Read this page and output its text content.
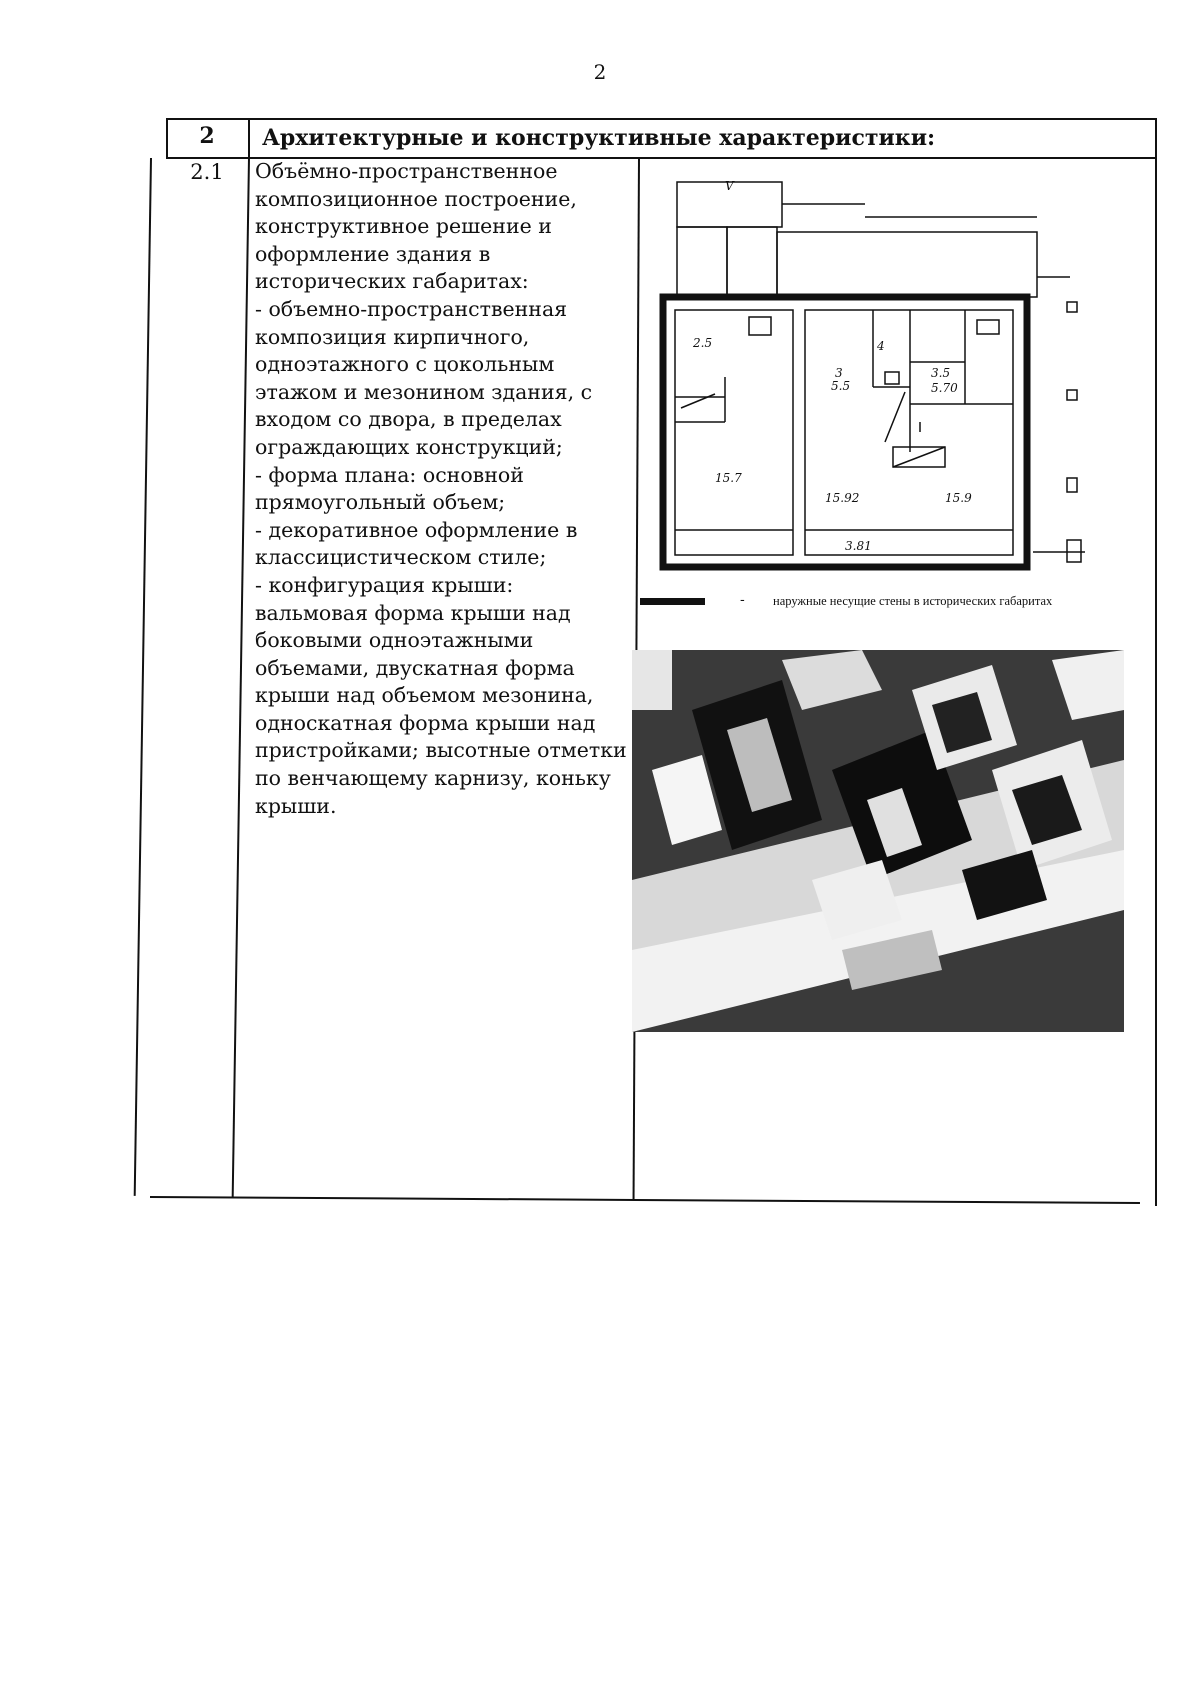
2
2	Архитектурные и конструктивные характеристики:
2.1	Объёмно-пространственное

композиционное построение,

конструктивное решение и

оформление здания в

исторических габаритах:

- объемно-пространственная

композиция кирпичного,

одноэтажного с цокольным

этажом и мезонином здания, с

входом со двора, в пределах

ограждающих конструкций;

- форма плана: основной

прямоугольный объем;

- декоративное оформление в

классицистическом стиле;

- конфигурация крыши:

вальмовая форма крыши над

боковыми одноэтажными

объемами, двускатная форма

крыши над объемом мезонина,

односкатная форма крыши над

пристройками; высотные отметки

по венчающему карнизу, коньку

крыши.

V
2.5
3
5.5
4
3.5
5.70
15.7
15.92	15.9
3.81
- наружные несущие стены в исторических габаритах
